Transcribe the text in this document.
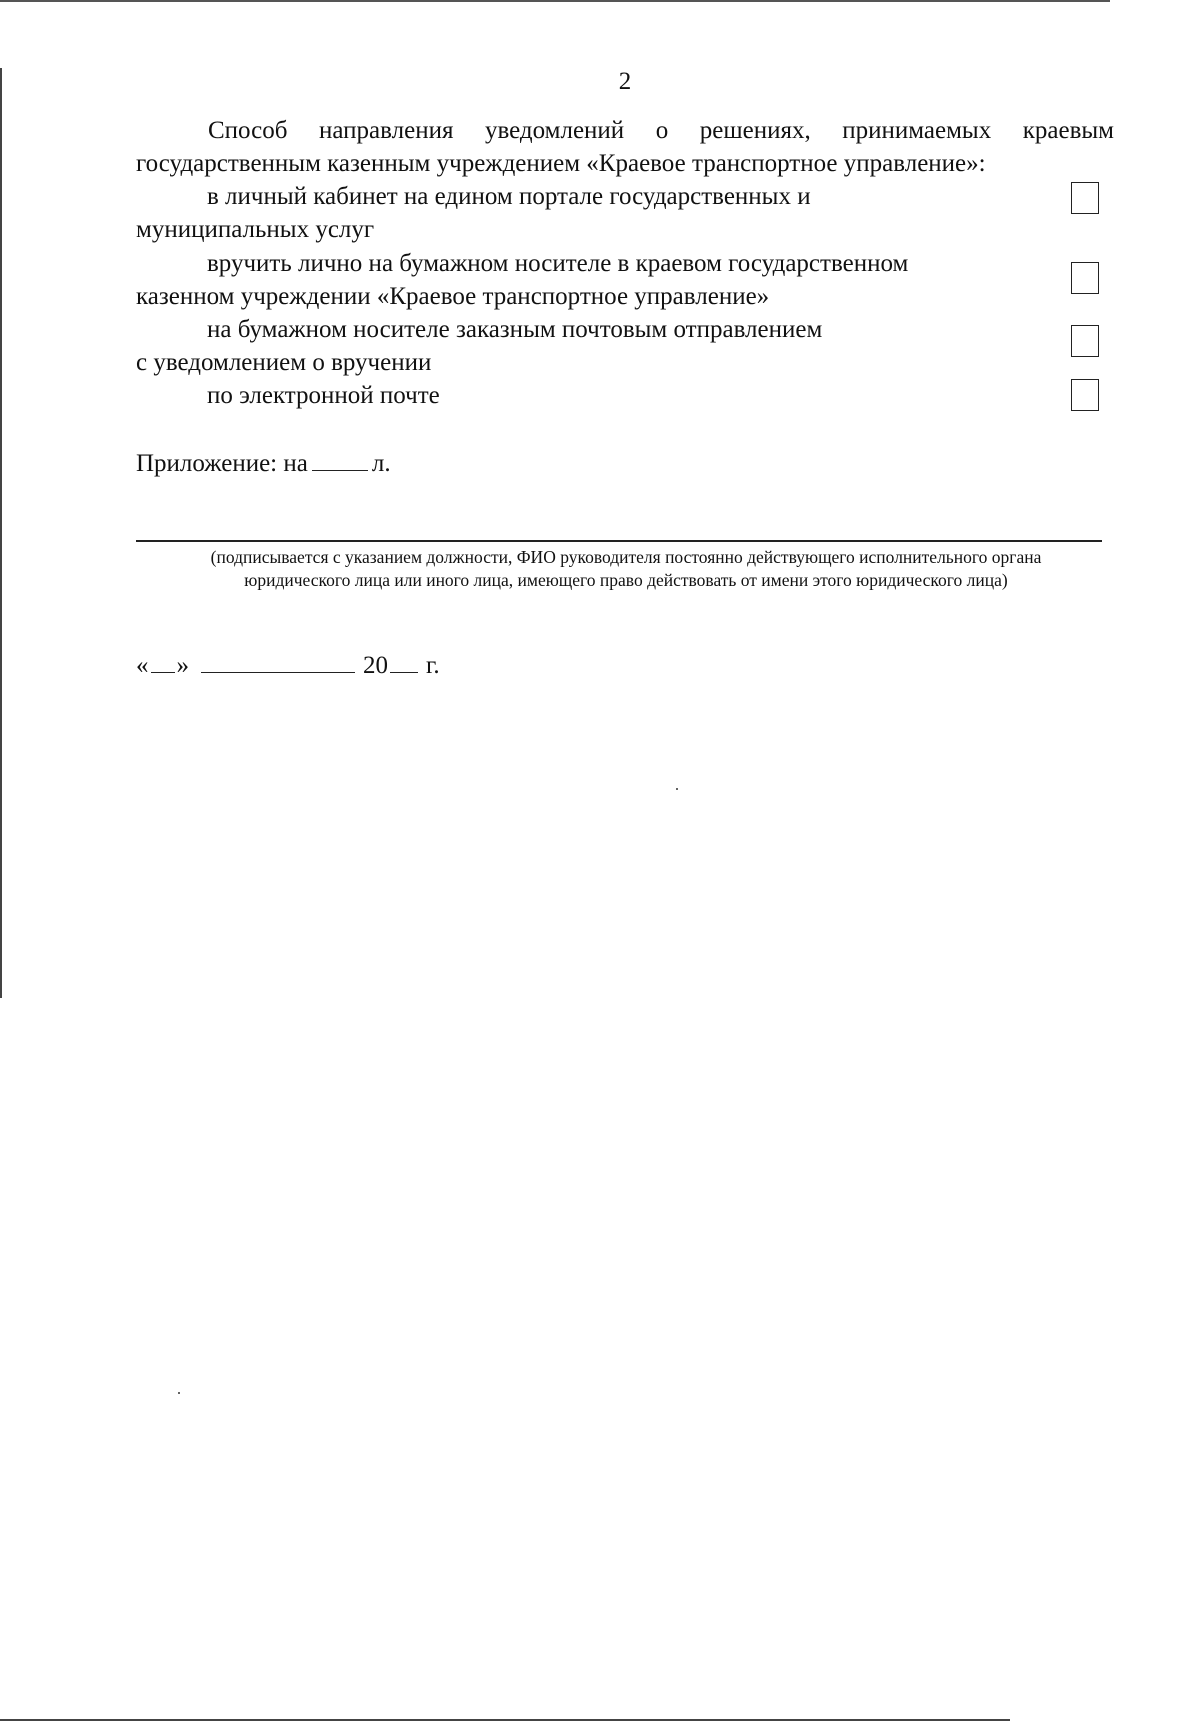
2
Способ направления уведомлений о решениях, принимаемых краевым
государственным казенным учреждением «Краевое транспортное управление»:
в личный кабинет на едином портале государственных и
муниципальных услуг
вручить лично на бумажном носителе в краевом государственном
казенном учреждении «Краевое транспортное управление»
на бумажном носителе заказным почтовым отправлением
с уведомлением о вручении
по электронной почте
Приложение: на	л.
(подписывается с указанием должности, ФИО руководителя постоянно действующего исполнительного органа
юридического лица или иного лица, имеющего право действовать от имени этого юридического лица)
« »	20 г.
